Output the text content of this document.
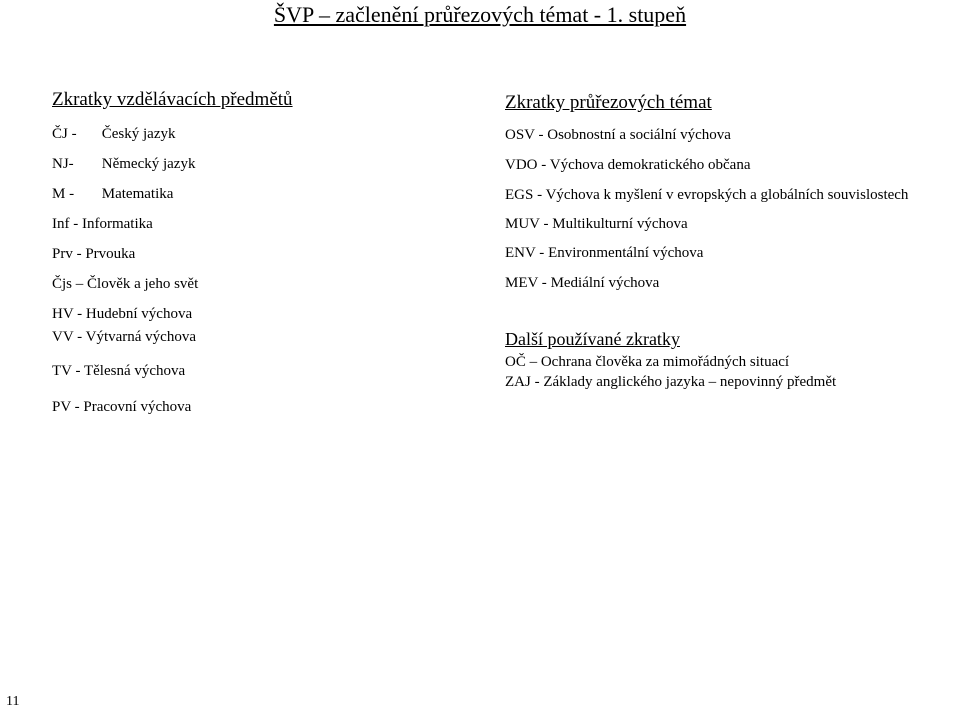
ŠVP – začlenění průřezových témat - 1. stupeň
Zkratky vzdělávacích předmětů
ČJ - Český jazyk
NJ- Německý jazyk
M - Matematika
Inf - Informatika
Prv - Prvouka
Čjs – Člověk a jeho svět
HV - Hudební výchova
VV - Výtvarná výchova
TV - Tělesná výchova
PV - Pracovní výchova
Zkratky průřezových témat
OSV - Osobnostní a sociální výchova
VDO - Výchova demokratického občana
EGS - Výchova k myšlení v evropských a globálních souvislostech
MUV - Multikulturní výchova
ENV - Environmentální výchova
MEV - Mediální výchova
Další používané zkratky
OČ – Ochrana člověka za mimořádných situací
ZAJ - Základy anglického jazyka – nepovinný předmět
11
